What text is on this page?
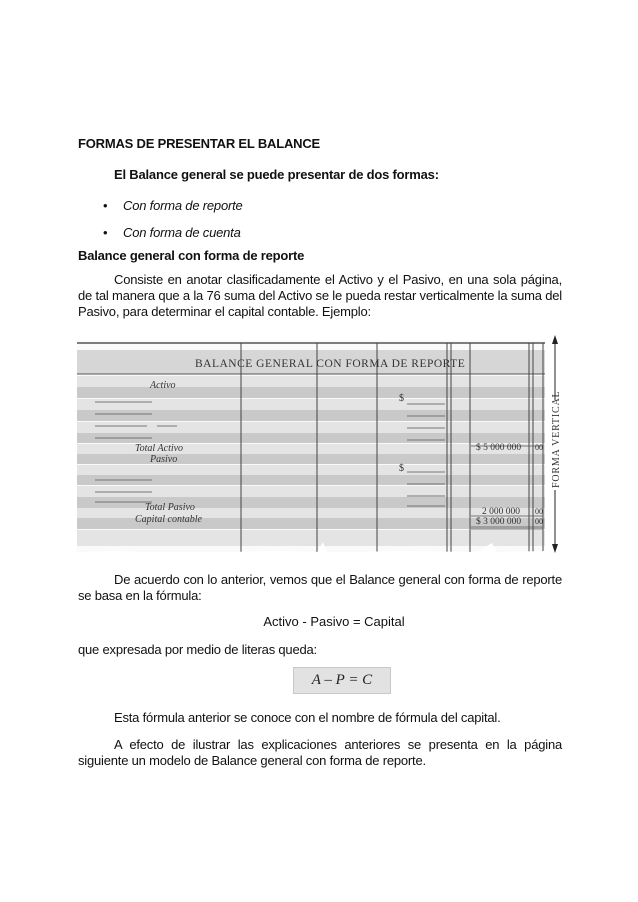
FORMAS DE PRESENTAR EL BALANCE
El Balance general se puede presentar de dos formas:
• Con forma de reporte
• Con forma de cuenta
Balance general con forma de reporte
Consiste en anotar clasificadamente el Activo y el Pasivo, en una sola página, de tal manera que a la 76 suma del Activo se le pueda restar verticalmente la suma del Pasivo, para determinar el capital contable. Ejemplo:
BALANCE GENERAL CON FORMA DE REPORTE
Activo
Total Activo
Pasivo
Total Pasivo
Capital contable
$
$
$ 5 000 000 00
2 000 000 00
$ 3 000 000 00
FORMA VERTICAL
De acuerdo con lo anterior, vemos que el Balance general con forma de reporte se basa en la fórmula:
Activo - Pasivo = Capital
que expresada por medio de literas queda:
A – P = C
Esta fórmula anterior se conoce con el nombre de fórmula del capital.
A efecto de ilustrar las explicaciones anteriores se presenta en la página siguiente un modelo de Balance general con forma de reporte.
